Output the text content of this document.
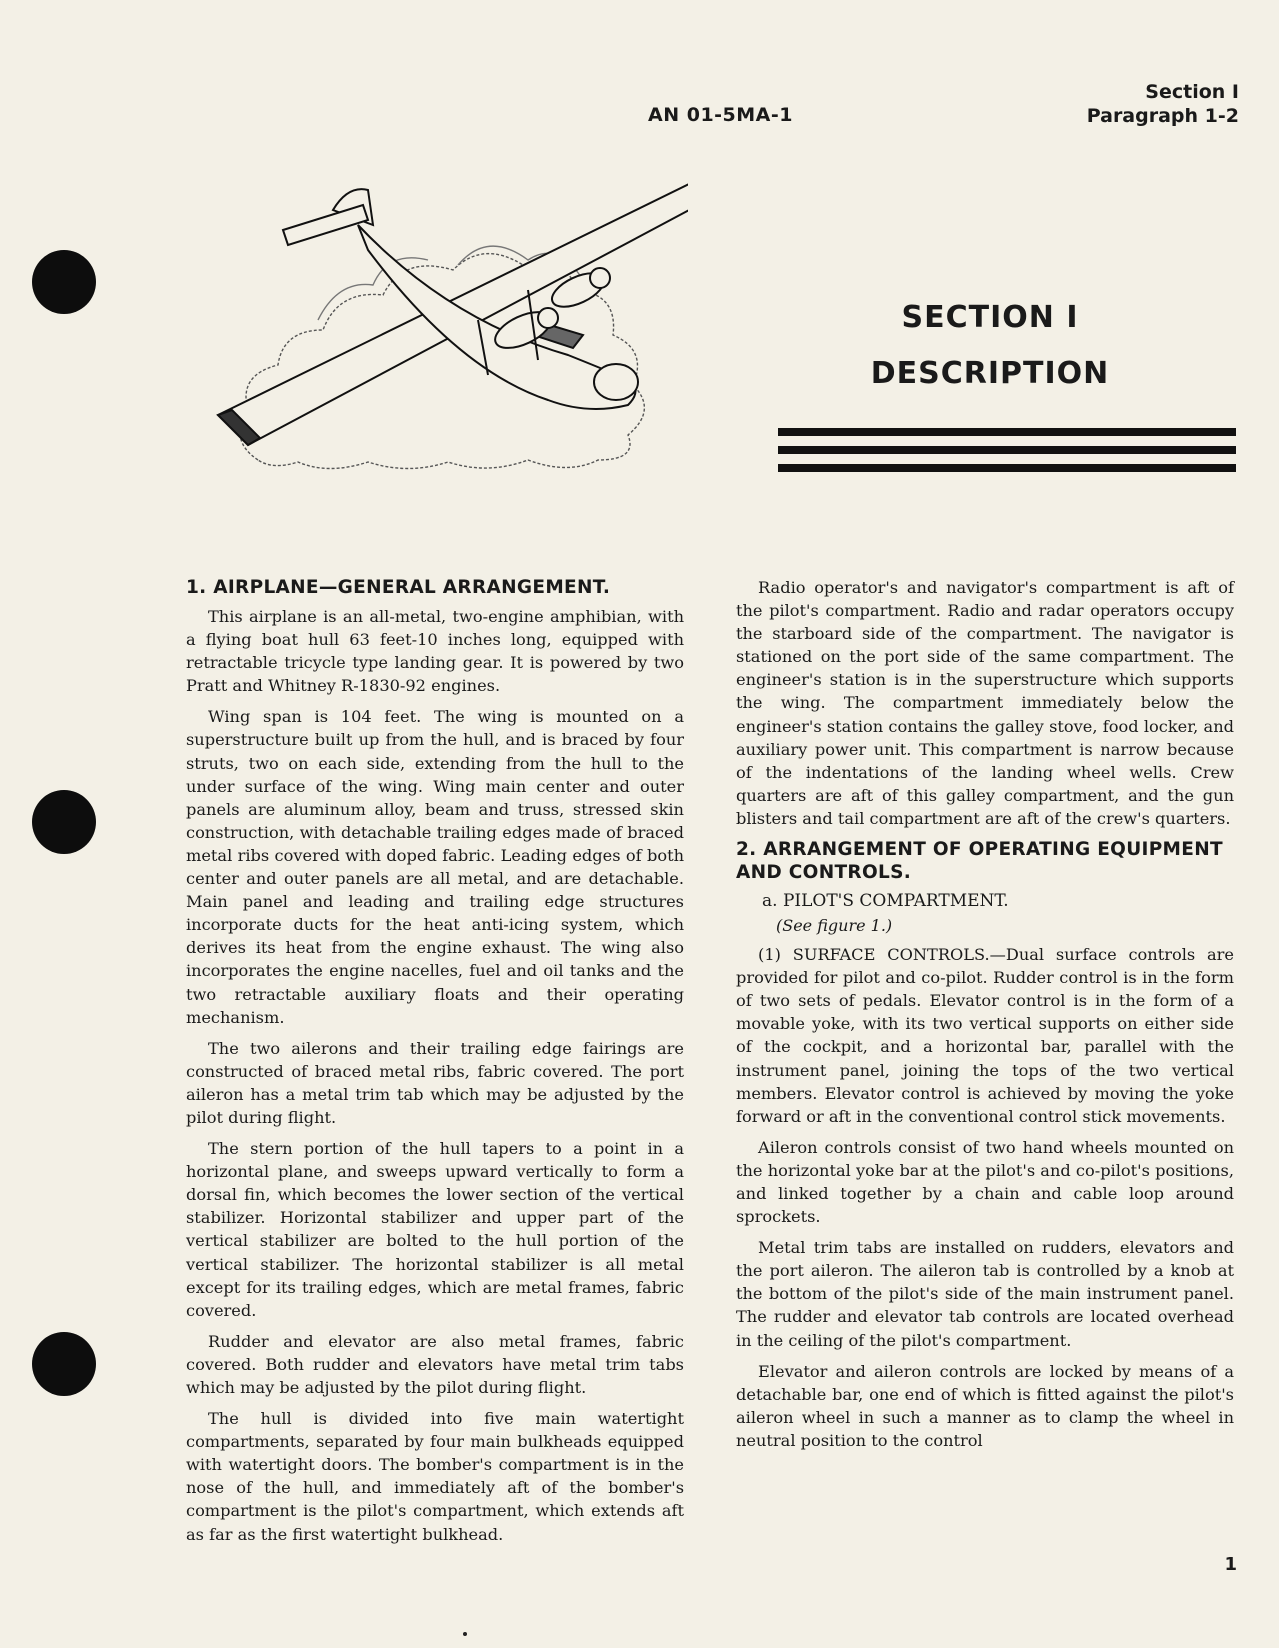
AN 01-5MA-1
Section I
Paragraph 1-2
SECTION I
DESCRIPTION
1. AIRPLANE—GENERAL ARRANGEMENT.

This airplane is an all-metal, two-engine amphibian, with a flying boat hull 63 feet-10 inches long, equipped with retractable tricycle type landing gear. It is powered by two Pratt and Whitney R-1830-92 engines.

Wing span is 104 feet. The wing is mounted on a superstructure built up from the hull, and is braced by four struts, two on each side, extending from the hull to the under surface of the wing. Wing main center and outer panels are aluminum alloy, beam and truss, stressed skin construction, with detachable trailing edges made of braced metal ribs covered with doped fabric. Leading edges of both center and outer panels are all metal, and are detachable. Main panel and leading and trailing edge structures incorporate ducts for the heat anti-icing system, which derives its heat from the engine exhaust. The wing also incorporates the engine nacelles, fuel and oil tanks and the two retractable auxiliary floats and their operating mechanism.

The two ailerons and their trailing edge fairings are constructed of braced metal ribs, fabric covered. The port aileron has a metal trim tab which may be adjusted by the pilot during flight.

The stern portion of the hull tapers to a point in a horizontal plane, and sweeps upward vertically to form a dorsal fin, which becomes the lower section of the vertical stabilizer. Horizontal stabilizer and upper part of the vertical stabilizer are bolted to the hull portion of the vertical stabilizer. The horizontal stabilizer is all metal except for its trailing edges, which are metal frames, fabric covered.

Rudder and elevator are also metal frames, fabric covered. Both rudder and elevators have metal trim tabs which may be adjusted by the pilot during flight.

The hull is divided into five main watertight compartments, separated by four main bulkheads equipped with watertight doors. The bomber's compartment is in the nose of the hull, and immediately aft of the bomber's compartment is the pilot's compartment, which extends aft as far as the first watertight bulkhead.

Radio operator's and navigator's compartment is aft of the pilot's compartment. Radio and radar operators occupy the starboard side of the compartment. The navigator is stationed on the port side of the same compartment. The engineer's station is in the superstructure which supports the wing. The compartment immediately below the engineer's station contains the galley stove, food locker, and auxiliary power unit. This compartment is narrow because of the indentations of the landing wheel wells. Crew quarters are aft of this galley compartment, and the gun blisters and tail compartment are aft of the crew's quarters.

2. ARRANGEMENT OF OPERATING EQUIPMENT AND CONTROLS.
a. PILOT'S COMPARTMENT.
(See figure 1.)

(1) SURFACE CONTROLS.—Dual surface controls are provided for pilot and co-pilot. Rudder control is in the form of two sets of pedals. Elevator control is in the form of a movable yoke, with its two vertical supports on either side of the cockpit, and a horizontal bar, parallel with the instrument panel, joining the tops of the two vertical members. Elevator control is achieved by moving the yoke forward or aft in the conventional control stick movements.

Aileron controls consist of two hand wheels mounted on the horizontal yoke bar at the pilot's and co-pilot's positions, and linked together by a chain and cable loop around sprockets.

Metal trim tabs are installed on rudders, elevators and the port aileron. The aileron tab is controlled by a knob at the bottom of the pilot's side of the main instrument panel. The rudder and elevator tab controls are located overhead in the ceiling of the pilot's compartment.

Elevator and aileron controls are locked by means of a detachable bar, one end of which is fitted against the pilot's aileron wheel in such a manner as to clamp the wheel in neutral position to the control

1
